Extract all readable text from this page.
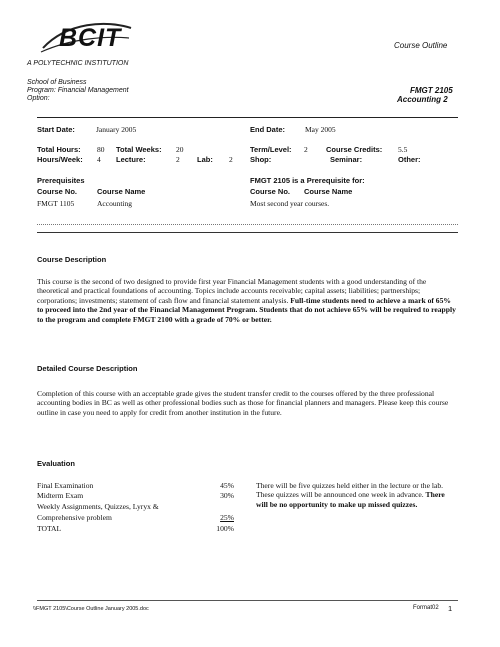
BCIT
A POLYTECHNIC INSTITUTION
Course Outline
School of Business
Program: Financial Management
Option:
FMGT 2105
Accounting 2
Start Date:	January 2005	End Date:	May 2005
Total Hours: 80 Total Weeks: 20	Term/Level: 2 Course Credits: 5.5
Hours/Week: 4 Lecture:	2 Lab: 2 Shop:	Seminar:	Other:
Prerequisites
Course No.	Course Name
FMGT 1105	Accounting
FMGT 2105 is a Prerequisite for:
Course No. Course Name
Most second year courses.
Course Description
This course is the second of two designed to provide first year Financial Management students with a good understanding of the theoretical and practical foundations of accounting. Topics include accounts receivable; capital assets; liabilities; partnerships; corporations; investments; statement of cash flow and financial statement analysis. Full-time students need to achieve a mark of 65% to proceed into the 2nd year of the Financial Management Program. Students that do not achieve 65% will be required to reapply to the program and complete FMGT 2100 with a grade of 70% or better.
Detailed Course Description
Completion of this course with an acceptable grade gives the student transfer credit to the courses offered by the three professional accounting bodies in BC as well as other professional bodies such as those for financial planners and managers. Please keep this course outline in case you need to apply for credit from another institution in the future.
Evaluation
Final Examination	45%
Midterm Exam	30%
Weekly Assignments, Quizzes, Lyryx &
Comprehensive problem	25%
TOTAL	100%
There will be five quizzes held either in the lecture or the lab. These quizzes will be announced one week in advance. There will be no opportunity to make up missed quizzes.
\\FMGT 2105\Course Outline January 2005.doc	Format02 1
